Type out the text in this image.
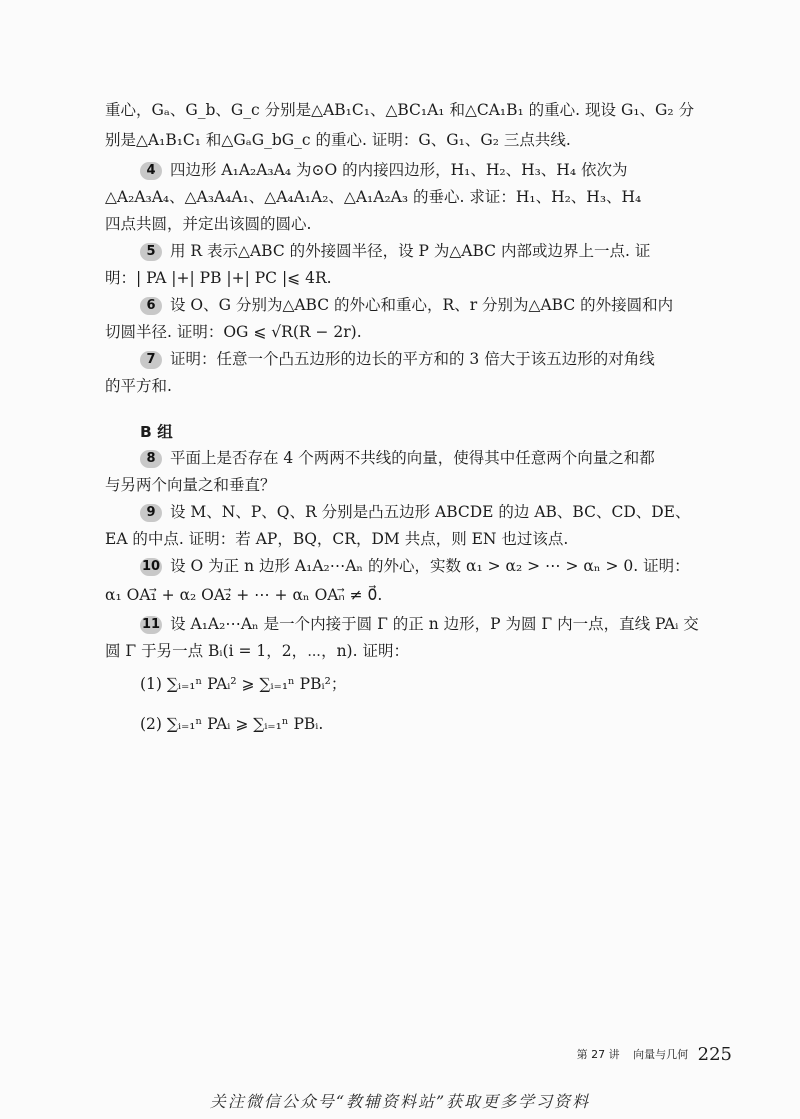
重心，Gₐ、G_b、G_c 分别是△AB₁C₁、△BC₁A₁ 和△CA₁B₁ 的重心. 现设 G₁、G₂ 分
别是△A₁B₁C₁ 和△GₐG_bG_c 的重心. 证明：G、G₁、G₂ 三点共线.
4 四边形 A₁A₂A₃A₄ 为⊙O 的内接四边形，H₁、H₂、H₃、H₄ 依次为
△A₂A₃A₄、△A₃A₄A₁、△A₄A₁A₂、△A₁A₂A₃ 的垂心. 求证：H₁、H₂、H₃、H₄
四点共圆，并定出该圆的圆心.
5 用 R 表示△ABC 的外接圆半径，设 P 为△ABC 内部或边界上一点. 证
明：| PA |+| PB |+| PC |⩽ 4R.
6 设 O、G 分别为△ABC 的外心和重心，R、r 分别为△ABC 的外接圆和内
切圆半径. 证明：OG ⩽ √R(R − 2r).
7 证明：任意一个凸五边形的边长的平方和的 3 倍大于该五边形的对角线
的平方和.
B 组
8 平面上是否存在 4 个两两不共线的向量，使得其中任意两个向量之和都
与另两个向量之和垂直？
9 设 M、N、P、Q、R 分别是凸五边形 ABCDE 的边 AB、BC、CD、DE、
EA 的中点. 证明：若 AP，BQ，CR，DM 共点，则 EN 也过该点.
10 设 O 为正 n 边形 A₁A₂⋯Aₙ 的外心，实数 α₁ > α₂ > ⋯ > αₙ > 0. 证明：
α₁ OA₁⃗ + α₂ OA₂⃗ + ⋯ + αₙ OAₙ⃗ ≠ 0⃗.
11 设 A₁A₂⋯Aₙ 是一个内接于圆 Γ 的正 n 边形，P 为圆 Γ 内一点，直线 PAᵢ 交
圆 Γ 于另一点 Bᵢ(i = 1，2，⋯，n). 证明：
(1) ∑ᵢ₌₁ⁿ PAᵢ² ⩾ ∑ᵢ₌₁ⁿ PBᵢ²；
(2) ∑ᵢ₌₁ⁿ PAᵢ ⩾ ∑ᵢ₌₁ⁿ PBᵢ.
第 27 讲 向量与几何 225
关注微信公众号“教辅资料站”获取更多学习资料
